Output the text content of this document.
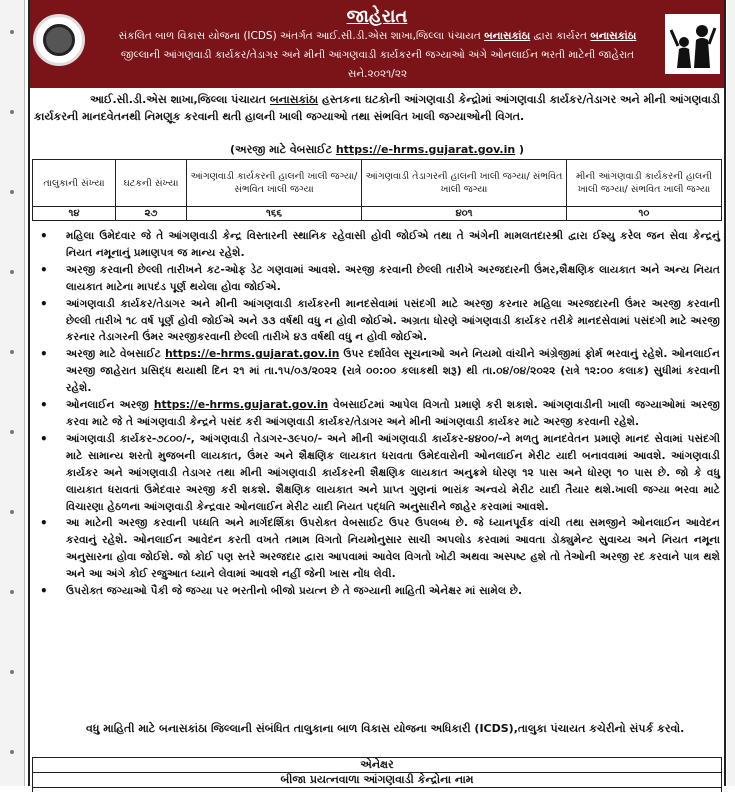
જાહેરાત
સંકલિત બાળ વિકાસ યોજના (ICDS) અંતર્ગત આઈ.સી.ડી.એસ શાખા,જિલ્લા પંચાયત બનાસકાંઠા દ્વારા કાર્યરત બનાસકાંઠા
જીલ્લાની આંગણવાડી કાર્યકર/તેડાગર અને મીની આંગણવાડી કાર્યકરની જગ્યાઓ અંગે ઓનલાઈન ભરતી માટેની જાહેરાત
સને.૨૦૨૧/૨૨
આઈ.સી.ડી.એસ શાખા,જિલ્લા પંચાયત બનાસકાંઠા હસ્તકના ઘટકોની આંગણવાડી કેન્દ્રોમાં આંગણવાડી કાર્યકર/તેડાગર અને મીની આંગણવાડી કાર્યકરની માનદવેતનથી નિમણૂક કરવાની થતી હાલની ખાલી જગ્યાઓ તથા સંભવિત ખાલી જગ્યાઓની વિગત.
(અરજી માટે વેબસાઈટ https://e-hrms.gujarat.gov.in )
તાલુકાની સંખ્યા	ઘટકની સંખ્યા	આંગણવાડી કાર્યકરની હાલની ખાલી જગ્યા/ સંભવિત ખાલી જગ્યા	આંગણવાડી તેડાગરની હાલની ખાલી જગ્યા/ સંભવિત ખાલી જગ્યા	મીની આંગણવાડી કાર્યકરની હાલની ખાલી જગ્યા/ સંભવિત ખાલી જગ્યા
૧૪	૨૭	૧૬૬	૪૦૧	૧૦
• મહિલા ઉમેદવાર જે તે આંગણવાડી કેન્દ્ર વિસ્તારની સ્થાનિક રહેવાસી હોવી જોઈએ તથા તે અંગેની મામલતદારશ્રી દ્વારા ઈશ્યુ કરેલ જન સેવા કેન્દ્રનું નિયત નમૂનાનું પ્રમાણપત્ર જ માન્ય રહેશે.
• અરજી કરવાની છેલ્લી તારીખને કટ-ઓફ ડેટ ગણવામાં આવશે. અરજી કરવાની છેલ્લી તારીખે અરજદારની ઉંમર,શૈક્ષણિક લાયકાત અને અન્ય નિયત લાયકાત માટેના માપદંડ પૂર્ણ થયેલા હોવા જોઈએ.
• આંગણવાડી કાર્યકર/તેડાગર અને મીની આંગણવાડી કાર્યકરની માનદસેવામાં પસંદગી માટે અરજી કરનાર મહિલા અરજદારની ઉંમર અરજી કરવાની છેલ્લી તારીખે ૧૮ વર્ષ પૂર્ણ હોવી જોઈએ અને ૩૩ વર્ષથી વધુ ન હોવી જોઈએ. અગ્રતા ધોરણે આંગણવાડી કાર્યકર તરીકે માનદસેવામાં પસંદગી માટે અરજી કરનાર તેડાગરની ઉંમર અરજીકરવાની છેલ્લી તારીખે ૪૩ વર્ષથી વધુ ન હોવી જોઈએ.
• અરજી માટે વેબસાઈટ https://e-hrms.gujarat.gov.in ઉપર દર્શાવેલ સૂચનાઓ અને નિયમો વાંચીને અંગ્રેજીમાં ફોર્મ ભરવાનું રહેશે. ઓનલાઈન અરજી જાહેરાત પ્રસિદ્ધ થયાથી દિન ૨૧ માં તા.૧૫/૦૩/૨૦૨૨ (રાત્રે ૦૦:૦૦ કલાકથી શરૂ) થી તા.૦૪/૦૪/૨૦૨૨ (રાત્રે ૧૨:૦૦ કલાક) સુધીમાં કરવાની રહેશે.
• ઓનલાઈન અરજી https://e-hrms.gujarat.gov.in વેબસાઈટમાં આપેલ વિગતો પ્રમાણે કરી શકાશે. આંગણવાડીની ખાલી જગ્યાઓમાં અરજી કરવા માટે જે તે આંગણવાડી કેન્દ્રને પસંદ કરી આંગણવાડી કાર્યકર/તેડાગર અને મીની આંગણવાડી કાર્યકર માટે અરજી કરવાની રહેશે.
• આંગણવાડી કાર્યકર-૭૮૦૦/-, આંગણવાડી તેડાગર-૩૯૫૦/- અને મીની આંગણવાડી કાર્યકર-૪૪૦૦/-ને મળતુ માનદવેતન પ્રમાણે માનદ સેવામાં પસંદગી માટે સામાન્ય શરતો મુજબની લાયકાત, ઉંમર અને શૈક્ષણિક લાયકાત ધરાવતા ઉમેદવારોની ઓનલાઈન મેરીટ યાદી બનાવવામાં આવશે. આંગણવાડી કાર્યકર અને આંગણવાડી તેડાગર તથા મીની આંગણવાડી કાર્યકરની શૈક્ષણિક લાયકાત અનુક્રમે ધોરણ ૧૨ પાસ અને ધોરણ ૧૦ પાસ છે. જો કે વધુ લાયકાત ધરાવતાં ઉમેદવાર અરજી કરી શકશે. શૈક્ષણિક લાયકાત અને પ્રાપ્ત ગુણનાં ભારાંક અન્વયે મેરીટ યાદી તૈયાર થશે.ખાલી જગ્યા ભરવા માટે વિચારણા હેઠળના આંગણવાડી કેન્દ્રવાર ઓનલાઈન મેરીટ યાદી નિયત પદ્ધતિ અનુસારીને જાહેર કરવામાં આવશે.
• આ માટેની અરજી કરવાની પધ્ધતિ અને માર્ગદર્શિકા ઉપરોક્ત વેબસાઈટ ઉપર ઉપલબ્ધ છે. જે ધ્યાનપૂર્વક વાંચી તથા સમજીને ઓનલાઈન આવેદન કરવાનું રહેશે. ઓનલાઈન આવેદન કરતી વખતે તમામ વિગતો નિયમોનુસાર સાચી અપલોડ કરવામાં આવતા ડોક્યુમેન્ટ સુવાચ્ય અને નિયત નમૂના અનુસારના હોવા જોઈશે. જો કોઈ પણ સ્તરે અરજદાર દ્વારા આપવામાં આવેલ વિગતો ખોટી અથવા અસ્પષ્ટ હશે તો તેઓની અરજી રદ કરવાને પાત્ર થશે અને આ અંગે કોઈ રજુઆત ધ્યાને લેવામાં આવશે નહીં જેની ખાસ નોંધ લેવી.
• ઉપરોક્ત જગ્યાઓ પૈકી જે જગ્યા પર ભરતીનો બીજો પ્રયત્ન છે તે જગ્યાની માહિતી એનેક્ષર માં સામેલ છે.
વધુ માહિતી માટે બનાસકાંઠા જિલ્લાની સંબંધિત તાલુકાના બાળ વિકાસ યોજના અધિકારી (ICDS),તાલુકા પંચાયત કચેરીનો સંપર્ક કરવો.
એનેક્ષર
બીજા પ્રયત્નવાળા આંગણવાડી કેન્દ્રોના નામ
